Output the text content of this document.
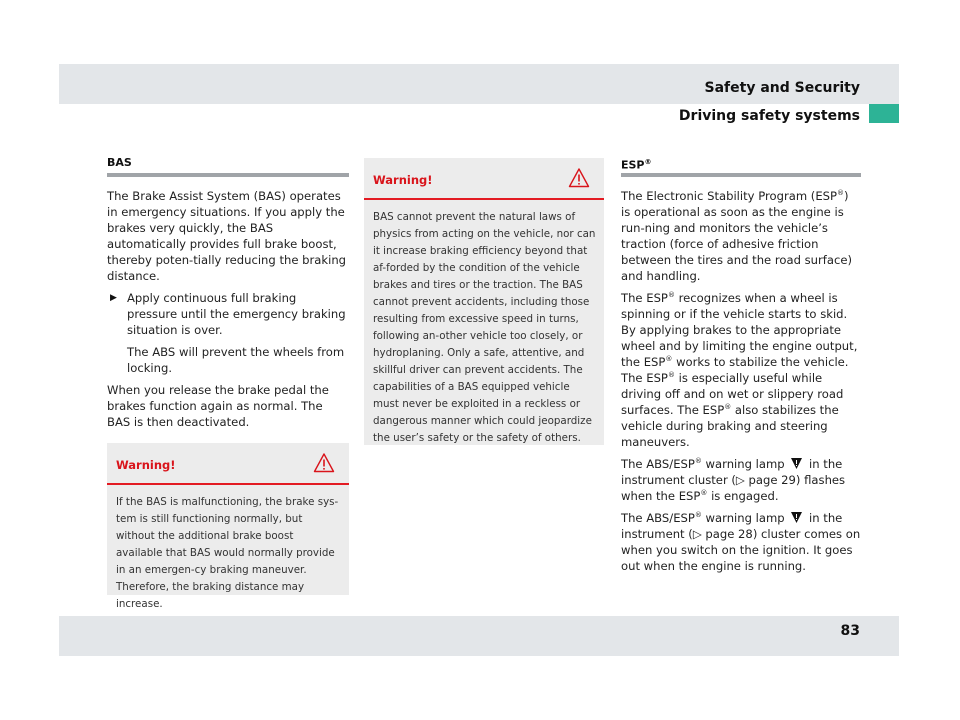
Safety and Security
Driving safety systems
BAS

The Brake Assist System (BAS) operates in emergency situations. If you apply the brakes very quickly, the BAS automatically provides full brake boost, thereby poten-tially reducing the braking distance.

▶ Apply continuous full braking pressure until the emergency braking situation is over.
The ABS will prevent the wheels from locking.

When you release the brake pedal the brakes function again as normal. The BAS is then deactivated.

Warning!
If the BAS is malfunctioning, the brake sys-tem is still functioning normally, but without the additional brake boost available that BAS would normally provide in an emergen-cy braking maneuver. Therefore, the braking distance may increase.
Warning!
BAS cannot prevent the natural laws of physics from acting on the vehicle, nor can it increase braking efficiency beyond that af-forded by the condition of the vehicle brakes and tires or the traction. The BAS cannot prevent accidents, including those resulting from excessive speed in turns, following an-other vehicle too closely, or hydroplaning. Only a safe, attentive, and skillful driver can prevent accidents. The capabilities of a BAS equipped vehicle must never be exploited in a reckless or dangerous manner which could jeopardize the user’s safety or the safety of others.
ESP®

The Electronic Stability Program (ESP®) is operational as soon as the engine is run-ning and monitors the vehicle’s traction (force of adhesive friction between the tires and the road surface) and handling.

The ESP® recognizes when a wheel is spinning or if the vehicle starts to skid. By applying brakes to the appropriate wheel and by limiting the engine output, the ESP® works to stabilize the vehicle. The ESP® is especially useful while driving off and on wet or slippery road surfaces. The ESP® also stabilizes the vehicle during braking and steering maneuvers.

The ABS/ESP® warning lamp  in the instrument cluster (▷ page 29) flashes when the ESP® is engaged.

The ABS/ESP® warning lamp  in the instrument (▷ page 28) cluster comes on when you switch on the ignition. It goes out when the engine is running.

83
